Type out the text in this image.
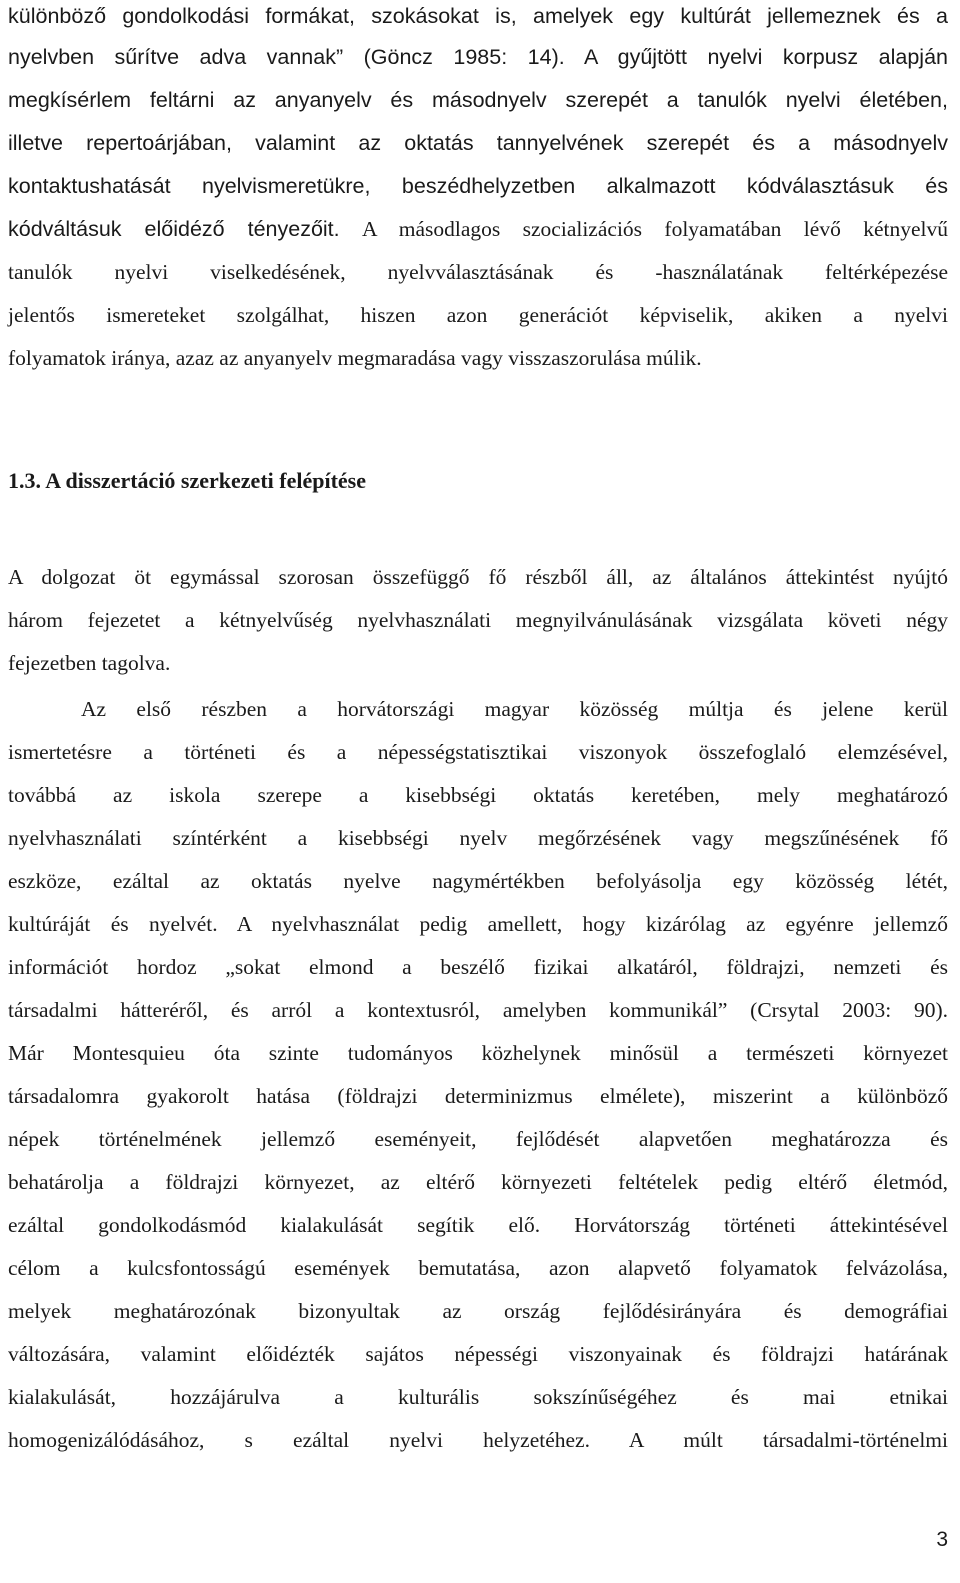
különböző gondolkodási formákat, szokásokat is, amelyek egy kultúrát jellemeznek és a
nyelvben sűrítve adva vannak” (Göncz 1985: 14). A gyűjtött nyelvi korpusz alapján
megkísérlem feltárni az anyanyelv és másodnyelv szerepét a tanulók nyelvi életében,
illetve repertoárjában, valamint az oktatás tannyelvének szerepét és a másodnyelv
kontaktushatását nyelvismeretükre, beszédhelyzetben alkalmazott kódválasztásuk és
kódváltásuk előidéző tényezőit. A másodlagos szocializációs folyamatában lévő kétnyelvű
tanulók nyelvi viselkedésének, nyelvválasztásának és -használatának feltérképezése
jelentős ismereteket szolgálhat, hiszen azon generációt képviselik, akiken a nyelvi
folyamatok iránya, azaz az anyanyelv megmaradása vagy visszaszorulása múlik.
1.3. A disszertáció szerkezeti felépítése
A dolgozat öt egymással szorosan összefüggő fő részből áll, az általános áttekintést nyújtó
három fejezetet a kétnyelvűség nyelvhasználati megnyilvánulásának vizsgálata követi négy
fejezetben tagolva.
Az első részben a horvátországi magyar közösség múltja és jelene kerül
ismertetésre a történeti és a népességstatisztikai viszonyok összefoglaló elemzésével,
továbbá az iskola szerepe a kisebbségi oktatás keretében, mely meghatározó
nyelvhasználati színtérként a kisebbségi nyelv megőrzésének vagy megszűnésének fő
eszköze, ezáltal az oktatás nyelve nagymértékben befolyásolja egy közösség létét,
kultúráját és nyelvét. A nyelvhasználat pedig amellett, hogy kizárólag az egyénre jellemző
információt hordoz „sokat elmond a beszélő fizikai alkatáról, földrajzi, nemzeti és
társadalmi hátteréről, és arról a kontextusról, amelyben kommunikál” (Crsytal 2003: 90).
Már Montesquieu óta szinte tudományos közhelynek minősül a természeti környezet
társadalomra gyakorolt hatása (földrajzi determinizmus elmélete), miszerint a különböző
népek történelmének jellemző eseményeit, fejlődését alapvetően meghatározza és
behatárolja a földrajzi környezet, az eltérő környezeti feltételek pedig eltérő életmód,
ezáltal gondolkodásmód kialakulását segítik elő. Horvátország történeti áttekintésével
célom a kulcsfontosságú események bemutatása, azon alapvető folyamatok felvázolása,
melyek meghatározónak bizonyultak az ország fejlődésirányára és demográfiai
változására, valamint előidézték sajátos népességi viszonyainak és földrajzi határának
kialakulását, hozzájárulva a kulturális sokszínűségéhez és mai etnikai
homogenizálódásához, s ezáltal nyelvi helyzetéhez. A múlt társadalmi-történelmi
3
